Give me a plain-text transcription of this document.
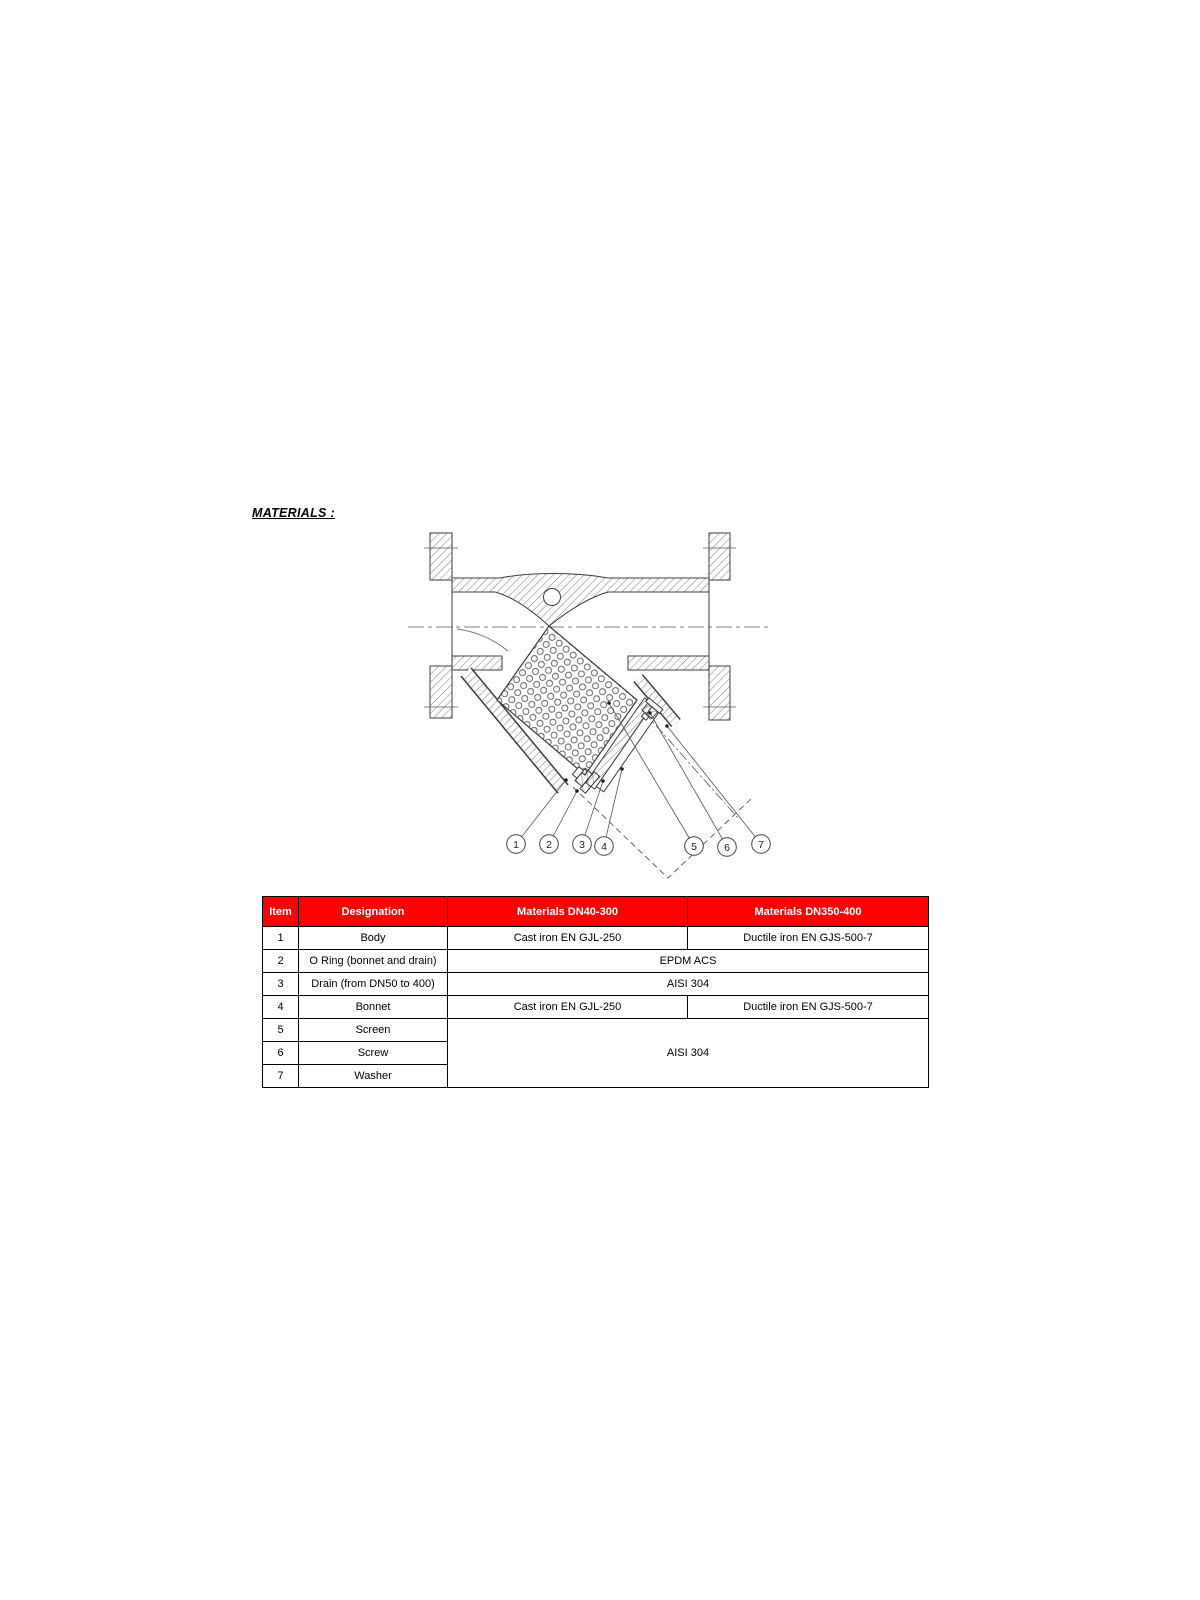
MATERIALS :
1	2	3 4	5	6	7
Item	Designation	Materials DN40-300	Materials DN350-400
1	Body	Cast iron EN GJL-250	Ductile iron EN GJS-500-7
2	O Ring (bonnet and drain)	EPDM ACS	
3	Drain (from DN50 to 400)	AISI 304	
4	Bonnet	Cast iron EN GJL-250	Ductile iron EN GJS-500-7
5	Screen	AISI 304	
6	Screw		
7	Washer		
